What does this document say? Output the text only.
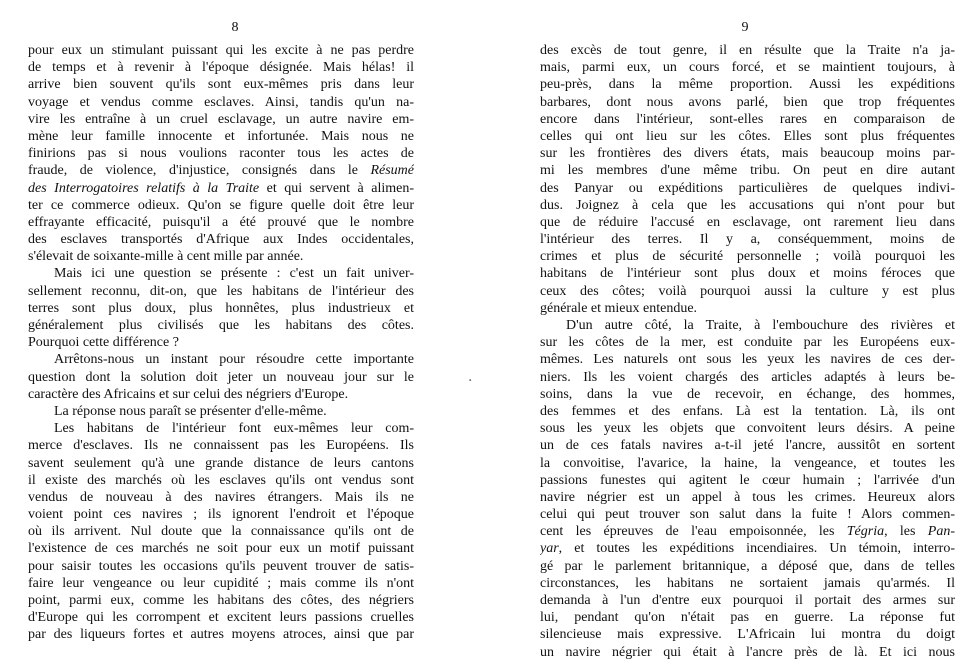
8
pour eux un stimulant puissant qui les excite à ne pas perdre
de temps et à revenir à l'époque désignée. Mais hélas! il
arrive bien souvent qu'ils sont eux-mêmes pris dans leur
voyage et vendus comme esclaves. Ainsi, tandis qu'un na-
vire les entraîne à un cruel esclavage, un autre navire em-
mène leur famille innocente et infortunée. Mais nous ne
finirions pas si nous voulions raconter tous les actes de
fraude, de violence, d'injustice, consignés dans le Résumé
des Interrogatoires relatifs à la Traite et qui servent à alimen-
ter ce commerce odieux. Qu'on se figure quelle doit être leur
effrayante efficacité, puisqu'il a été prouvé que le nombre
des esclaves transportés d'Afrique aux Indes occidentales,
s'élevait de soixante-mille à cent mille par année.
Mais ici une question se présente : c'est un fait univer-
sellement reconnu, dit-on, que les habitans de l'intérieur des
terres sont plus doux, plus honnêtes, plus industrieux et
généralement plus civilisés que les habitans des côtes.
Pourquoi cette différence ?
Arrêtons-nous un instant pour résoudre cette importante
question dont la solution doit jeter un nouveau jour sur le
caractère des Africains et sur celui des négriers d'Europe.
La réponse nous paraît se présenter d'elle-même.
Les habitans de l'intérieur font eux-mêmes leur com-
merce d'esclaves. Ils ne connaissent pas les Européens. Ils
savent seulement qu'à une grande distance de leurs cantons
il existe des marchés où les esclaves qu'ils ont vendus sont
vendus de nouveau à des navires étrangers. Mais ils ne
voient point ces navires ; ils ignorent l'endroit et l'époque
où ils arrivent. Nul doute que la connaissance qu'ils ont de
l'existence de ces marchés ne soit pour eux un motif puissant
pour saisir toutes les occasions qu'ils peuvent trouver de satis-
faire leur vengeance ou leur cupidité ; mais comme ils n'ont
point, parmi eux, comme les habitans des côtes, des négriers
d'Europe qui les corrompent et excitent leurs passions cruelles
par des liqueurs fortes et autres moyens atroces, ainsi que par
·
9
des excès de tout genre, il en résulte que la Traite n'a ja-
mais, parmi eux, un cours forcé, et se maintient toujours, à
peu-près, dans la même proportion. Aussi les expéditions
barbares, dont nous avons parlé, bien que trop fréquentes
encore dans l'intérieur, sont-elles rares en comparaison de
celles qui ont lieu sur les côtes. Elles sont plus fréquentes
sur les frontières des divers états, mais beaucoup moins par-
mi les membres d'une même tribu. On peut en dire autant
des Panyar ou expéditions particulières de quelques indivi-
dus. Joignez à cela que les accusations qui n'ont pour but
que de réduire l'accusé en esclavage, ont rarement lieu dans
l'intérieur des terres. Il y a, conséquemment, moins de
crimes et plus de sécurité personnelle ; voilà pourquoi les
habitans de l'intérieur sont plus doux et moins féroces que
ceux des côtes; voilà pourquoi aussi la culture y est plus
générale et mieux entendue.
D'un autre côté, la Traite, à l'embouchure des rivières et
sur les côtes de la mer, est conduite par les Européens eux-
mêmes. Les naturels ont sous les yeux les navires de ces der-
niers. Ils les voient chargés des articles adaptés à leurs be-
soins, dans la vue de recevoir, en échange, des hommes,
des femmes et des enfans. Là est la tentation. Là, ils ont
sous les yeux les objets que convoitent leurs désirs. A peine
un de ces fatals navires a-t-il jeté l'ancre, aussitôt en sortent
la convoitise, l'avarice, la haine, la vengeance, et toutes les
passions funestes qui agitent le cœur humain ; l'arrivée d'un
navire négrier est un appel à tous les crimes. Heureux alors
celui qui peut trouver son salut dans la fuite ! Alors commen-
cent les épreuves de l'eau empoisonnée, les Tégria, les Pan-
yar, et toutes les expéditions incendiaires. Un témoin, interro-
gé par le parlement britannique, a déposé que, dans de telles
circonstances, les habitans ne sortaient jamais qu'armés. Il
demanda à l'un d'entre eux pourquoi il portait des armes sur
lui, pendant qu'on n'était pas en guerre. La réponse fut
silencieuse mais expressive. L'Africain lui montra du doigt
un navire négrier qui était à l'ancre près de là. Et ici nous
